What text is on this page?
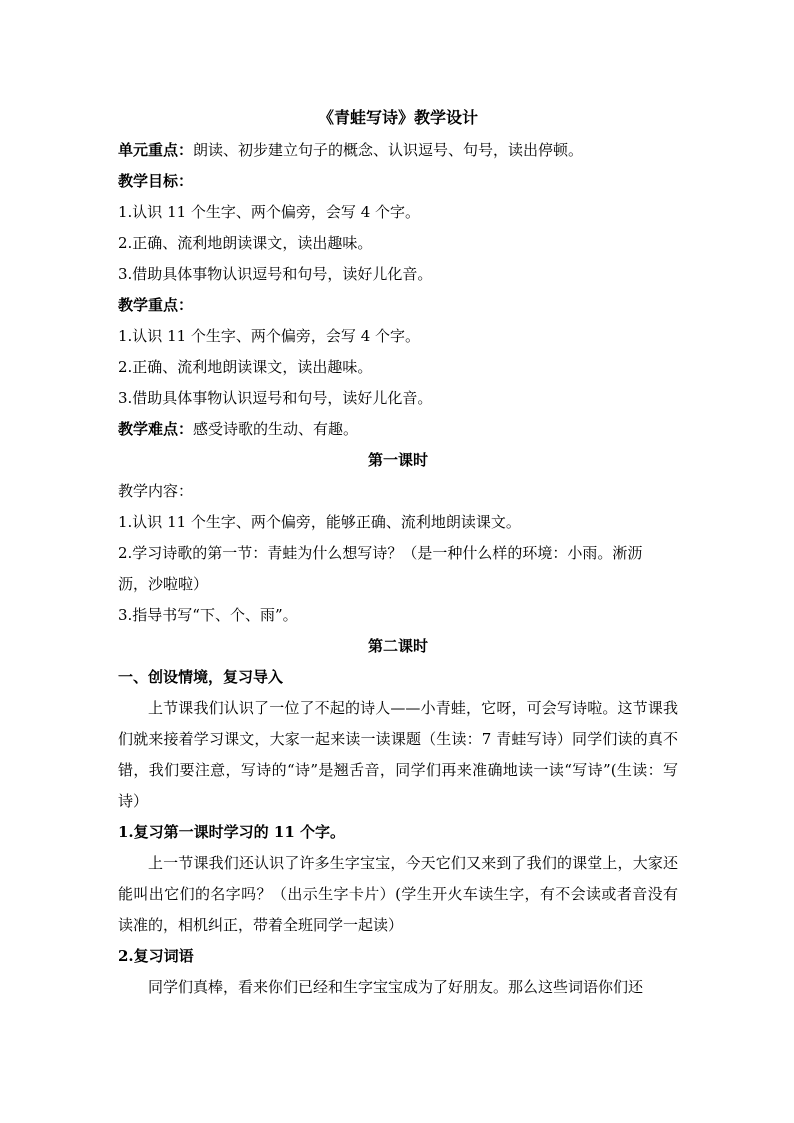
《青蛙写诗》教学设计
单元重点：朗读、初步建立句子的概念、认识逗号、句号，读出停顿。
教学目标：
1.认识 11 个生字、两个偏旁，会写 4 个字。
2.正确、流利地朗读课文，读出趣味。
3.借助具体事物认识逗号和句号，读好儿化音。
教学重点：
1.认识 11 个生字、两个偏旁，会写 4 个字。
2.正确、流利地朗读课文，读出趣味。
3.借助具体事物认识逗号和句号，读好儿化音。
教学难点：感受诗歌的生动、有趣。
第一课时
教学内容：
1.认识 11 个生字、两个偏旁，能够正确、流利地朗读课文。
2.学习诗歌的第一节：青蛙为什么想写诗？（是一种什么样的环境：小雨。淅沥
沥，沙啦啦）
3.指导书写“下、个、雨”。
第二课时
一、创设情境，复习导入

上节课我们认识了一位了不起的诗人——小青蛙，它呀，可会写诗啦。这节课我们就来接着学习课文，大家一起来读一读课题（生读：7 青蛙写诗）同学们读的真不错，我们要注意，写诗的“诗”是翘舌音，同学们再来准确地读一读“写诗”(生读：写诗）

1.复习第一课时学习的 11 个字。

上一节课我们还认识了许多生字宝宝，今天它们又来到了我们的课堂上，大家还能叫出它们的名字吗？（出示生字卡片）(学生开火车读生字，有不会读或者音没有读准的，相机纠正，带着全班同学一起读）

2.复习词语

同学们真棒，看来你们已经和生字宝宝成为了好朋友。那么这些词语你们还
